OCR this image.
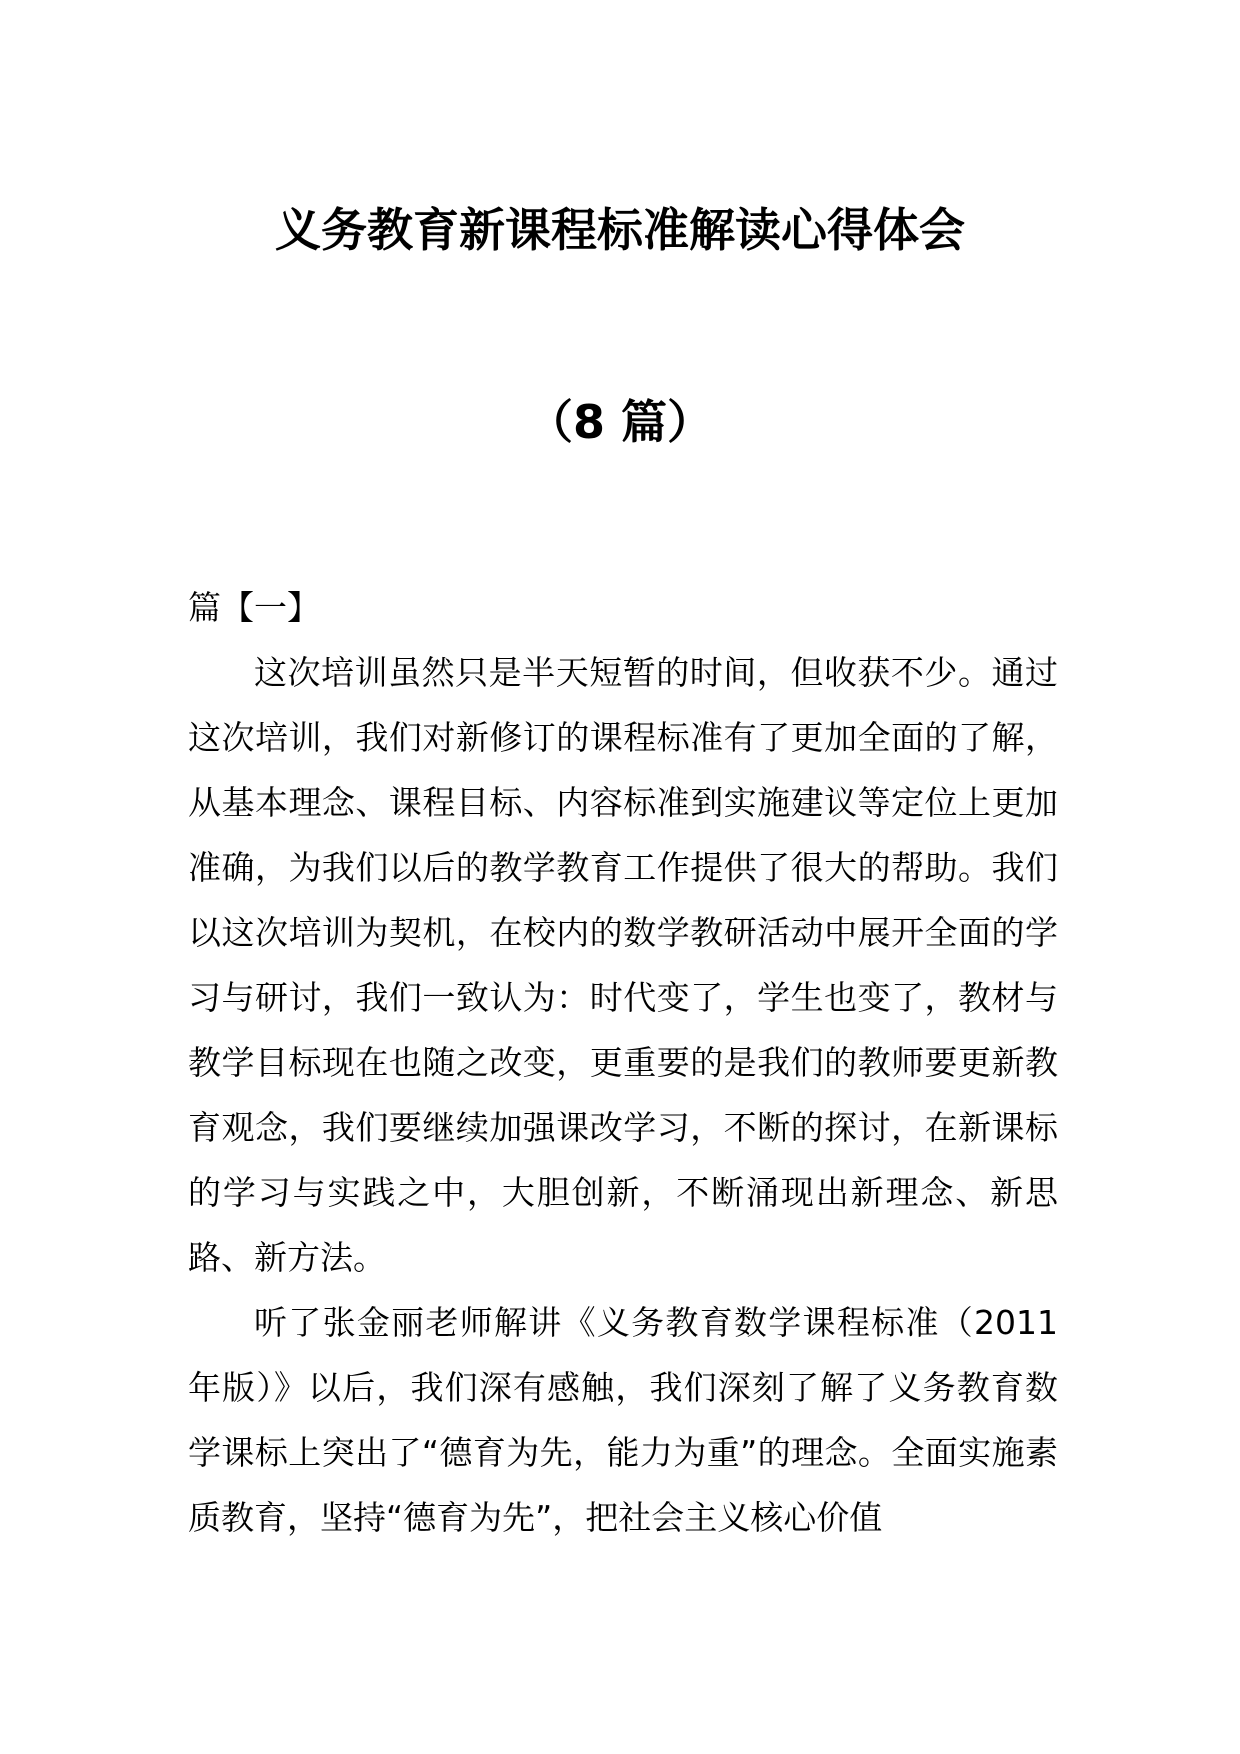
义务教育新课程标准解读心得体会
（8 篇）

篇【一】

这次培训虽然只是半天短暂的时间，但收获不少。通过这次培训，我们对新修订的课程标准有了更加全面的了解，从基本理念、课程目标、内容标准到实施建议等定位上更加准确，为我们以后的教学教育工作提供了很大的帮助。我们以这次培训为契机，在校内的数学教研活动中展开全面的学习与研讨，我们一致认为：时代变了，学生也变了，教材与教学目标现在也随之改变，更重要的是我们的教师要更新教育观念，我们要继续加强课改学习，不断的探讨，在新课标的学习与实践之中，大胆创新，不断涌现出新理念、新思路、新方法。

听了张金丽老师解讲《义务教育数学课程标准（2011年版）》以后，我们深有感触，我们深刻了解了义务教育数学课标上突出了“德育为先，能力为重”的理念。全面实施素质教育，坚持“德育为先”，把社会主义核心价值
